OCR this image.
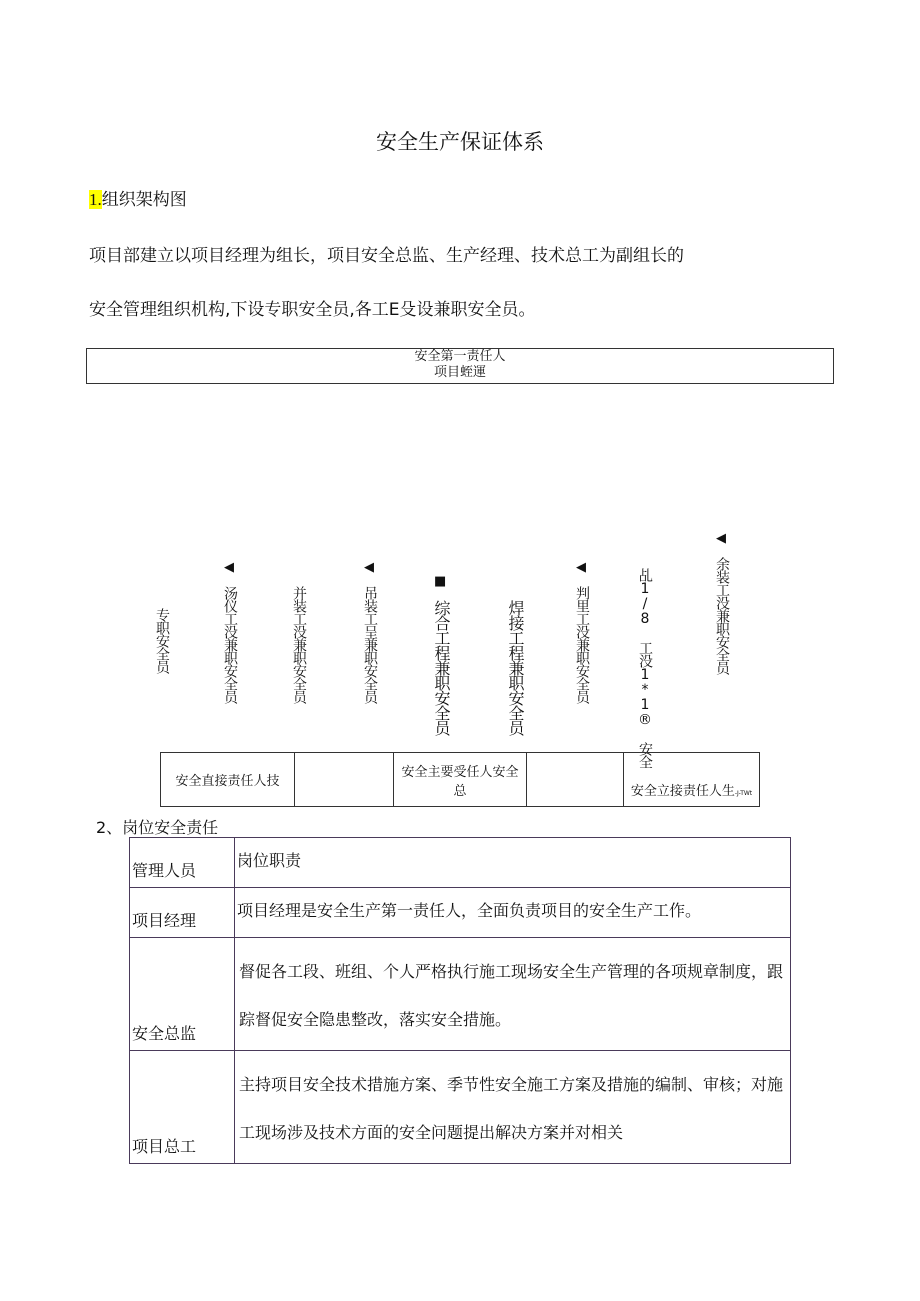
安全生产保证体系
1.组织架构图
项目部建立以项目经理为组长，项目安全总监、生产经理、技术总工为副组长的
安全管理组织机构,下设专职安全员,各工E殳设兼职安全员。
安全第一责任人
项目蛭運
专职安全员	汤仪工没兼职安全员
◀
并装工没兼职安全员	吊装工呈兼职安全员
◀
综合工程兼职安全员
■
焊接工程兼职安全员	判里工没兼职安全员
◀
乩1/8 工没1*1® 安全	余装工没兼职安全员
◀
安全直接责任人技		安全主要受任人安全总		安全立接责任人生-J-TWt
2、岗位安全责任
管理人员	岗位职责
项目经理	项目经理是安全生产第一责任人，全面负责项目的安全生产工作。
安全总监	督促各工段、班组、个人严格执行施工现场安全生产管理的各项规章制度，跟踪督促安全隐患整改，落实安全措施。
项目总工	主持项目安全技术措施方案、季节性安全施工方案及措施的编制、审核；对施工现场涉及技术方面的安全问题提出解决方案并对相关
